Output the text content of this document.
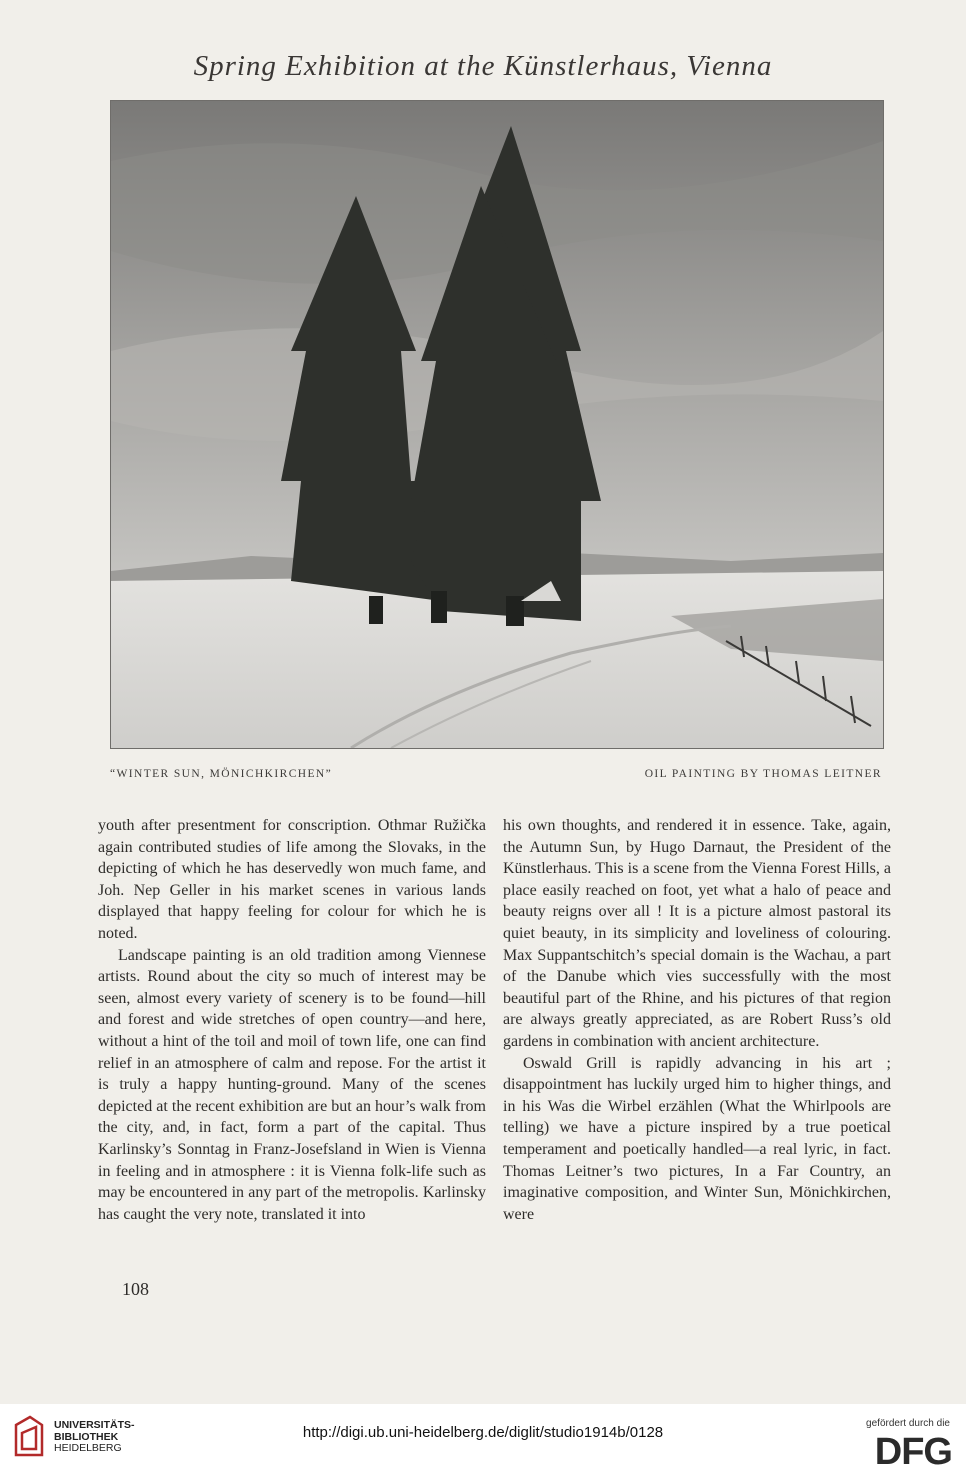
Spring Exhibition at the Künstlerhaus, Vienna
“WINTER SUN, MÖNICHKIRCHEN”	OIL PAINTING BY THOMAS LEITNER

youth after presentment for conscription. Othmar Ružička again contributed studies of life among the Slovaks, in the depicting of which he has deservedly won much fame, and Joh. Nep Geller in his market scenes in various lands displayed that happy feeling for colour for which he is noted.

Landscape painting is an old tradition among Viennese artists. Round about the city so much of interest may be seen, almost every variety of scenery is to be found—hill and forest and wide stretches of open country—and here, without a hint of the toil and moil of town life, one can find relief in an atmosphere of calm and repose. For the artist it is truly a happy hunting-ground. Many of the scenes depicted at the recent exhibition are but an hour’s walk from the city, and, in fact, form a part of the capital. Thus Karlinsky’s Sonntag in Franz-Josefsland in Wien is Vienna in feeling and in atmosphere : it is Vienna folk-life such as may be encountered in any part of the metropolis. Karlinsky has caught the very note, translated it into

his own thoughts, and rendered it in essence. Take, again, the Autumn Sun, by Hugo Darnaut, the President of the Künstlerhaus. This is a scene from the Vienna Forest Hills, a place easily reached on foot, yet what a halo of peace and beauty reigns over all ! It is a picture almost pastoral its quiet beauty, in its simplicity and loveliness of colouring. Max Suppantschitch’s special domain is the Wachau, a part of the Danube which vies successfully with the most beautiful part of the Rhine, and his pictures of that region are always greatly appreciated, as are Robert Russ’s old gardens in combination with ancient architecture.

Oswald Grill is rapidly advancing in his art ; disappointment has luckily urged him to higher things, and in his Was die Wirbel erzählen (What the Whirlpools are telling) we have a picture inspired by a true poetical temperament and poetically handled—a real lyric, in fact. Thomas Leitner’s two pictures, In a Far Country, an imaginative composition, and Winter Sun, Mönichkirchen, were

108
UNIVERSITÄTS-
BIBLIOTHEK
HEIDELBERG
http://digi.ub.uni-heidelberg.de/diglit/studio1914b/0128
gefördert durch die
DFG
